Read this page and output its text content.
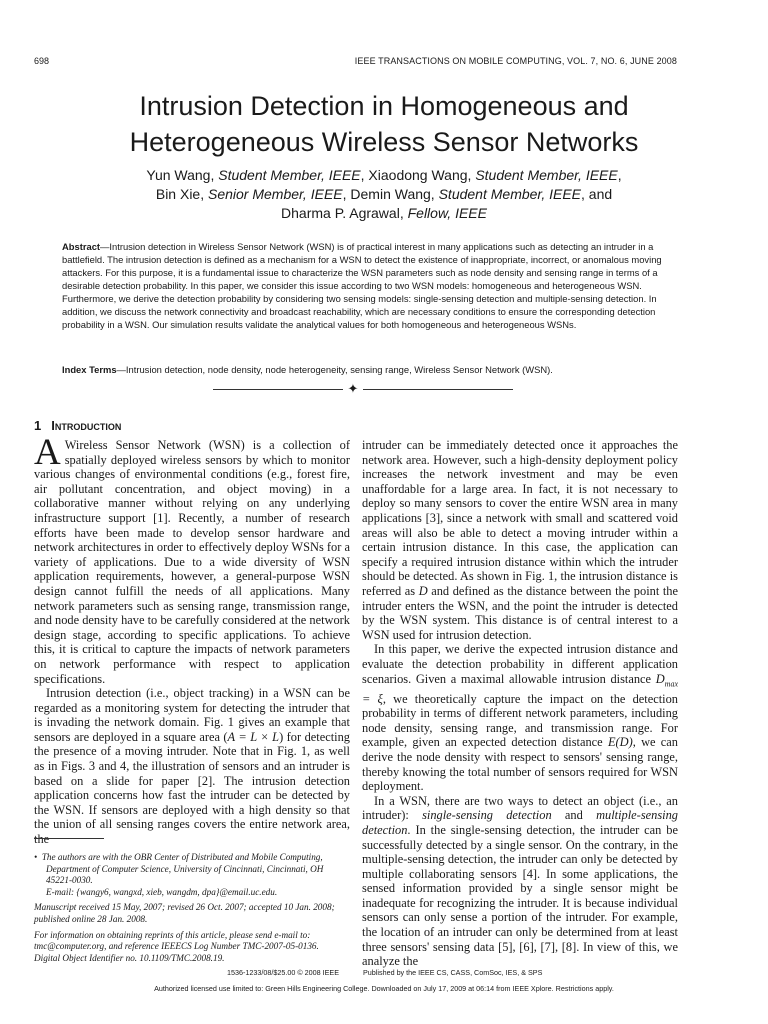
698	IEEE TRANSACTIONS ON MOBILE COMPUTING, VOL. 7, NO. 6, JUNE 2008
Intrusion Detection in Homogeneous and
Heterogeneous Wireless Sensor Networks
Yun Wang, Student Member, IEEE, Xiaodong Wang, Student Member, IEEE,
Bin Xie, Senior Member, IEEE, Demin Wang, Student Member, IEEE, and
Dharma P. Agrawal, Fellow, IEEE
Abstract—Intrusion detection in Wireless Sensor Network (WSN) is of practical interest in many applications such as detecting an intruder in a battlefield. The intrusion detection is defined as a mechanism for a WSN to detect the existence of inappropriate, incorrect, or anomalous moving attackers. For this purpose, it is a fundamental issue to characterize the WSN parameters such as node density and sensing range in terms of a desirable detection probability. In this paper, we consider this issue according to two WSN models: homogeneous and heterogeneous WSN. Furthermore, we derive the detection probability by considering two sensing models: single-sensing detection and multiple-sensing detection. In addition, we discuss the network connectivity and broadcast reachability, which are necessary conditions to ensure the corresponding detection probability in a WSN. Our simulation results validate the analytical values for both homogeneous and heterogeneous WSNs.
Index Terms—Intrusion detection, node density, node heterogeneity, sensing range, Wireless Sensor Network (WSN).
✦
1 Introduction

A Wireless Sensor Network (WSN) is a collection of spatially deployed wireless sensors by which to monitor various changes of environmental conditions (e.g., forest fire, air pollutant concentration, and object moving) in a collaborative manner without relying on any underlying infrastructure support [1]. Recently, a number of research efforts have been made to develop sensor hardware and network architectures in order to effectively deploy WSNs for a variety of applications. Due to a wide diversity of WSN application requirements, however, a general-purpose WSN design cannot fulfill the needs of all applications. Many network parameters such as sensing range, transmission range, and node density have to be carefully considered at the network design stage, according to specific applications. To achieve this, it is critical to capture the impacts of network parameters on network performance with respect to application specifications.

Intrusion detection (i.e., object tracking) in a WSN can be regarded as a monitoring system for detecting the intruder that is invading the network domain. Fig. 1 gives an example that sensors are deployed in a square area (A = L × L) for detecting the presence of a moving intruder. Note that in Fig. 1, as well as in Figs. 3 and 4, the illustration of sensors and an intruder is based on a slide for paper [2]. The intrusion detection application concerns how fast the intruder can be detected by the WSN. If sensors are deployed with a high density so that the union of all sensing ranges covers the entire network area, the

intruder can be immediately detected once it approaches the network area. However, such a high-density deployment policy increases the network investment and may be even unaffordable for a large area. In fact, it is not necessary to deploy so many sensors to cover the entire WSN area in many applications [3], since a network with small and scattered void areas will also be able to detect a moving intruder within a certain intrusion distance. In this case, the application can specify a required intrusion distance within which the intruder should be detected. As shown in Fig. 1, the intrusion distance is referred as D and defined as the distance between the point the intruder enters the WSN, and the point the intruder is detected by the WSN system. This distance is of central interest to a WSN used for intrusion detection.

In this paper, we derive the expected intrusion distance and evaluate the detection probability in different application scenarios. Given a maximal allowable intrusion distance $D_{max} = \xi$, we theoretically capture the impact on the detection probability in terms of different network parameters, including node density, sensing range, and transmission range. For example, given an expected detection distance E(D), we can derive the node density with respect to sensors' sensing range, thereby knowing the total number of sensors required for WSN deployment.

In a WSN, there are two ways to detect an object (i.e., an intruder): single-sensing detection and multiple-sensing detection. In the single-sensing detection, the intruder can be successfully detected by a single sensor. On the contrary, in the multiple-sensing detection, the intruder can only be detected by multiple collaborating sensors [4]. In some applications, the sensed information provided by a single sensor might be inadequate for recognizing the intruder. It is because individual sensors can only sense a portion of the intruder. For example, the location of an intruder can only be determined from at least three sensors' sensing data [5], [6], [7], [8]. In view of this, we analyze the

• The authors are with the OBR Center of Distributed and Mobile Computing, Department of Computer Science, University of Cincinnati, Cincinnati, OH 45221-0030.
E-mail: {wangy6, wangxd, xieb, wangdm, dpa}@email.uc.edu.

Manuscript received 15 May, 2007; revised 26 Oct. 2007; accepted 10 Jan. 2008; published online 28 Jan. 2008.

For information on obtaining reprints of this article, please send e-mail to: tmc@computer.org, and reference IEEECS Log Number TMC-2007-05-0136.

Digital Object Identifier no. 10.1109/TMC.2008.19.

1536-1233/08/$25.00 © 2008 IEEE	Published by the IEEE CS, CASS, ComSoc, IES, & SPS
Authorized licensed use limited to: Green Hills Engineering College. Downloaded on July 17, 2009 at 06:14 from IEEE Xplore. Restrictions apply.
